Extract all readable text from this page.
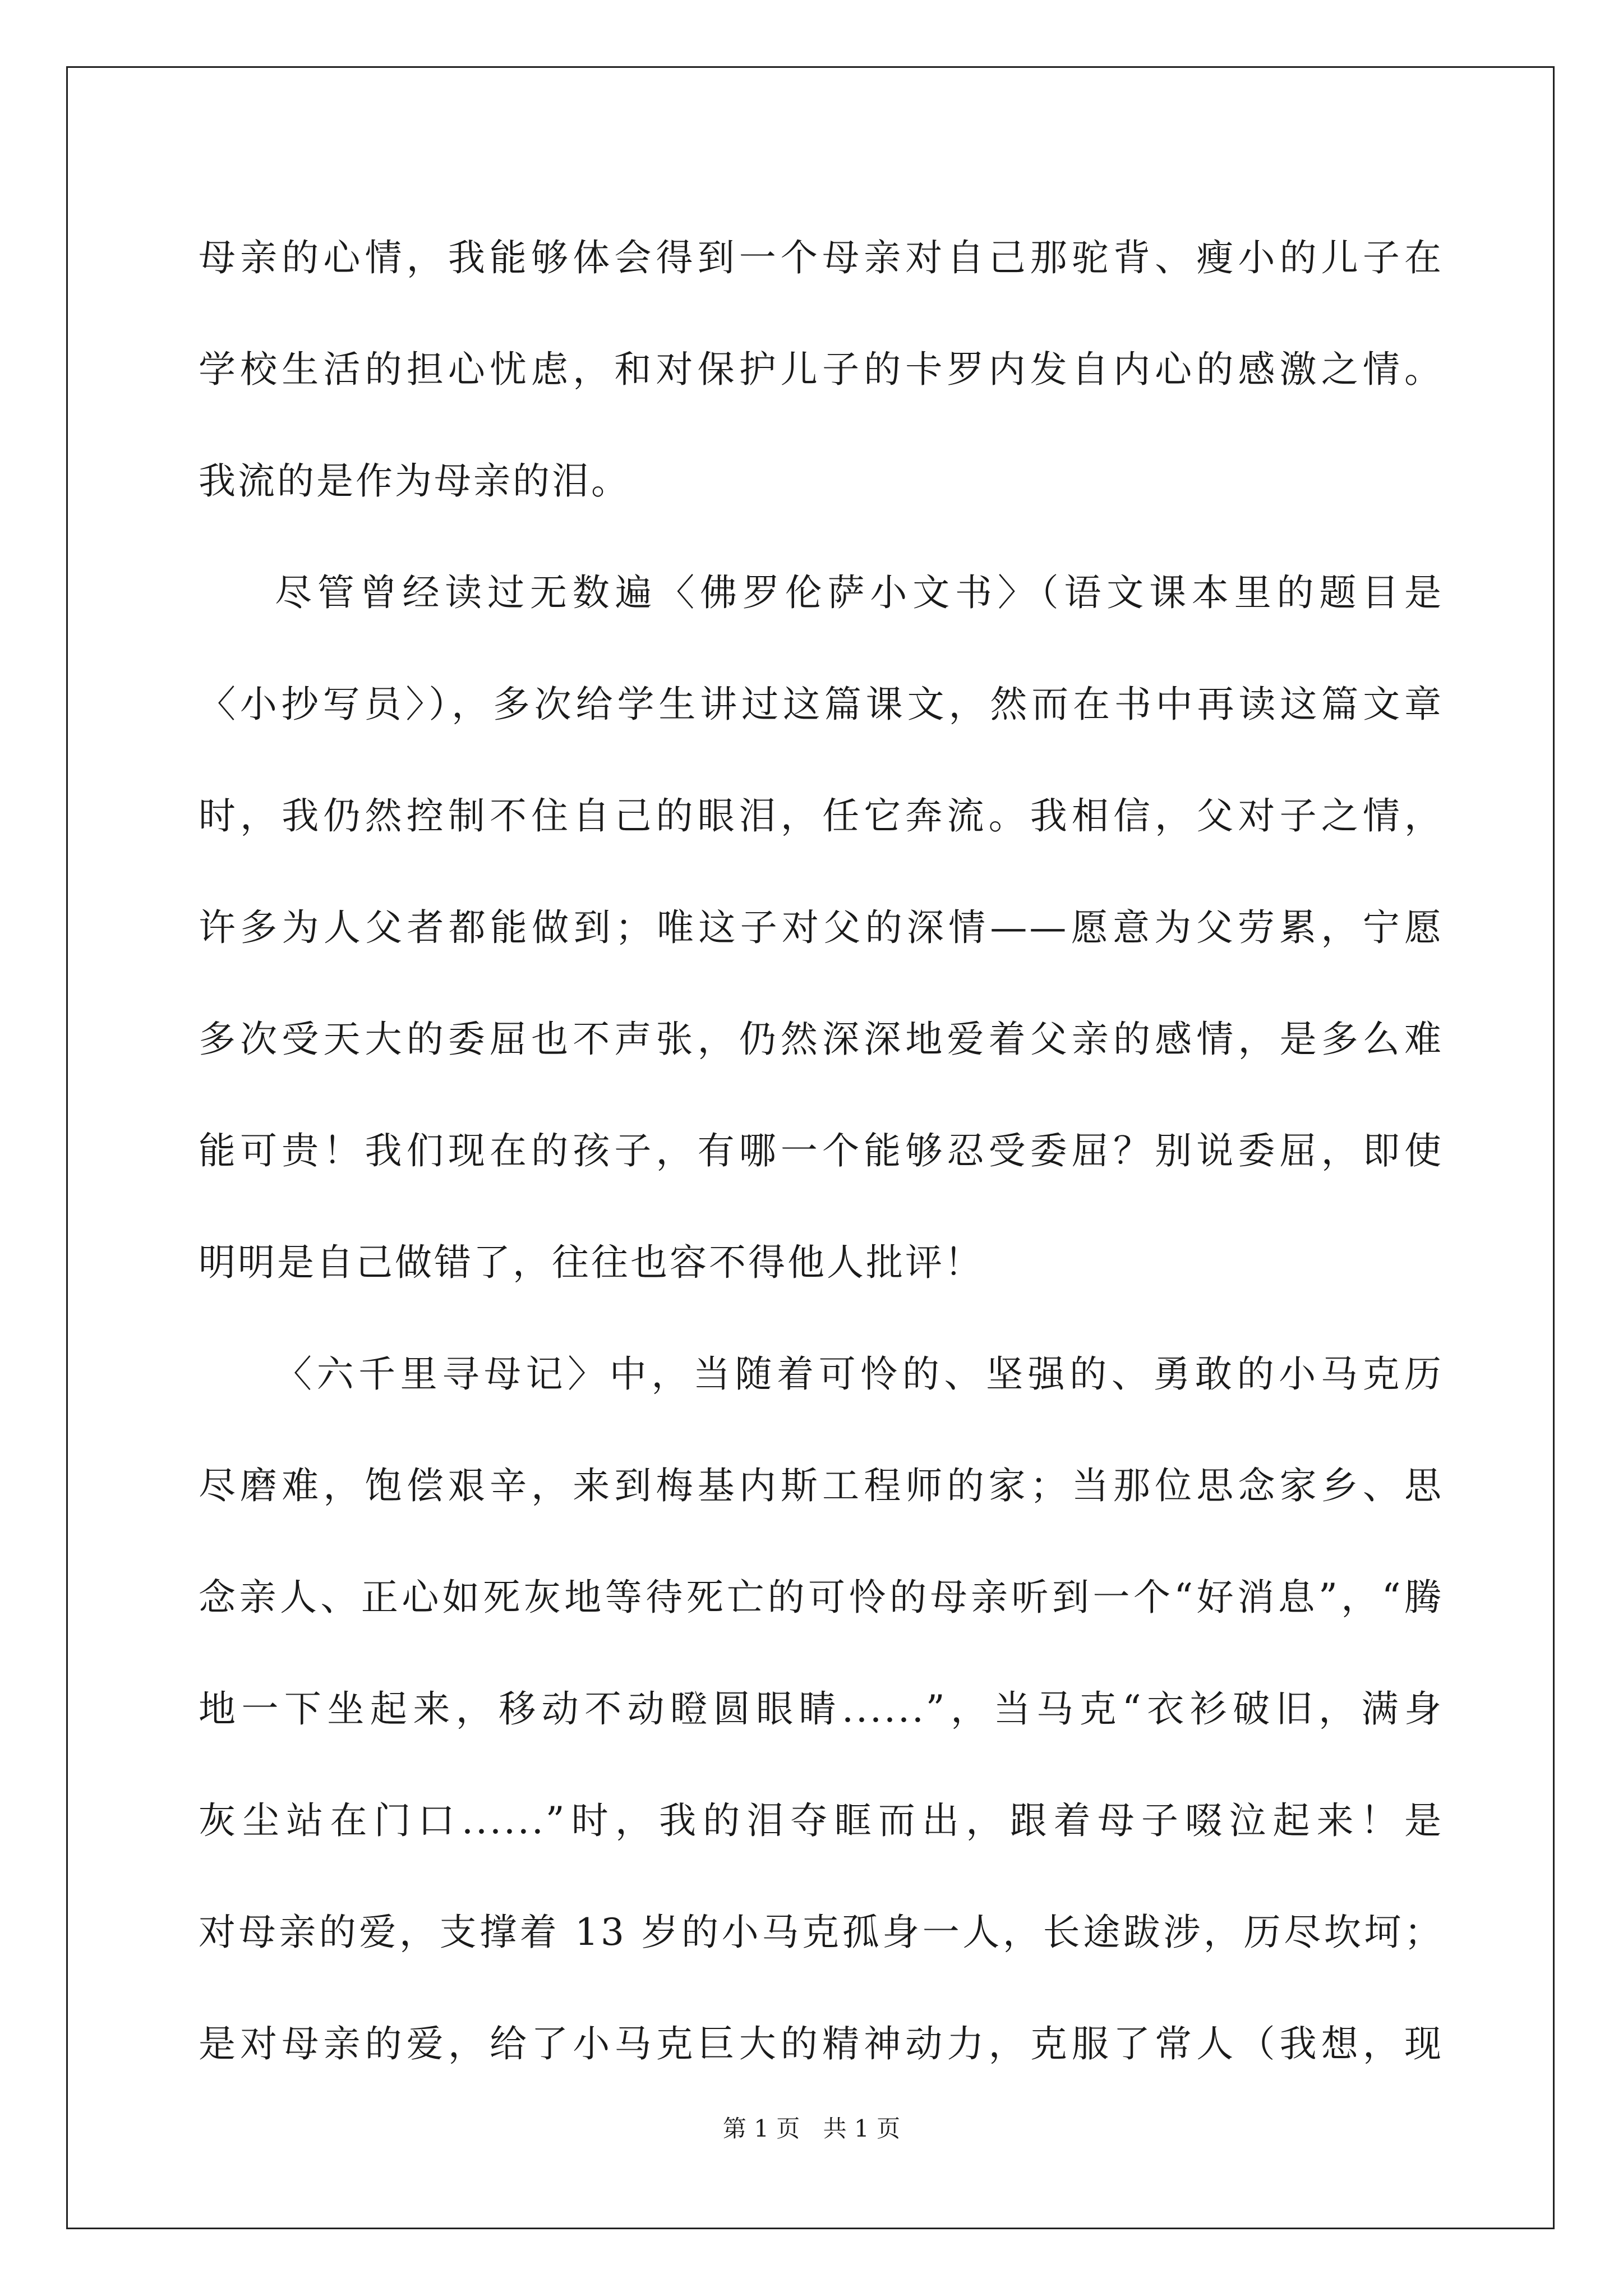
母亲的心情，我能够体会得到一个母亲对自己那驼背、瘦小的儿子在
学校生活的担心忧虑，和对保护儿子的卡罗内发自内心的感激之情。
我流的是作为母亲的泪。
尽管曾经读过无数遍〈佛罗伦萨小文书〉（语文课本里的题目是
〈小抄写员〉），多次给学生讲过这篇课文，然而在书中再读这篇文章
时，我仍然控制不住自己的眼泪，任它奔流。我相信，父对子之情，
许多为人父者都能做到；唯这子对父的深情——愿意为父劳累，宁愿
多次受天大的委屈也不声张，仍然深深地爱着父亲的感情，是多么难
能可贵！我们现在的孩子，有哪一个能够忍受委屈？别说委屈，即使
明明是自己做错了，往往也容不得他人批评！
〈六千里寻母记〉中，当随着可怜的、坚强的、勇敢的小马克历
尽磨难，饱偿艰辛，来到梅基内斯工程师的家；当那位思念家乡、思
念亲人、正心如死灰地等待死亡的可怜的母亲听到一个“好消息”，“腾
地一下坐起来，移动不动瞪圆眼睛......”，当马克“衣衫破旧，满身
灰尘站在门口......”时，我的泪夺眶而出，跟着母子啜泣起来！是
对母亲的爱，支撑着 13 岁的小马克孤身一人，长途跋涉，历尽坎坷；
是对母亲的爱，给了小马克巨大的精神动力，克服了常人（我想，现
第 1 页 共 1 页
